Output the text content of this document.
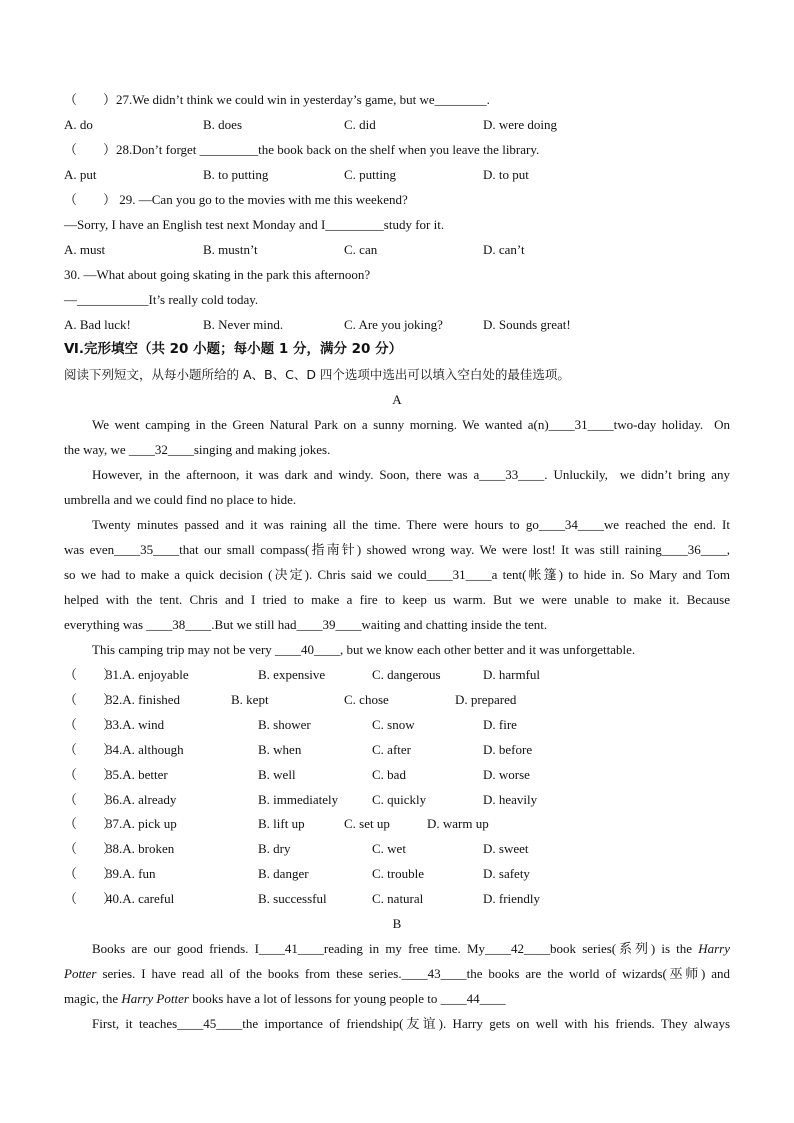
（　　）27.We didn’t think we could win in yesterday’s game, but we________.
A. do	B. does	C. did	D. were doing
（　　）28.Don’t forget _________the book back on the shelf when you leave the library.
A. put	B. to putting	C. putting	D. to put
（　　） 29. —Can you go to the movies with me this weekend?
—Sorry, I have an English test next Monday and I_________study for it.
A. must	B. mustn’t	C. can	D. can’t
30. —What about going skating in the park this afternoon?
—___________It’s really cold today.
A. Bad luck!	B. Never mind.	C. Are you joking?	D. Sounds great!
Ⅵ.完形填空（共 20 小题；每小题 1 分，满分 20 分）
阅读下列短文，从每小题所给的 A、B、C、D 四个选项中选出可以填入空白处的最佳选项。
A
We went camping in the Green Natural Park on a sunny morning. We wanted a(n)____31____two-day holiday.  On
the way, we ____32____singing and making jokes.
However, in the afternoon, it was dark and windy. Soon, there was a____33____. Unluckily,  we didn’t bring any
umbrella and we could find no place to hide.
Twenty minutes passed and it was raining all the time. There were hours to go____34____we reached the end. It
was even____35____that our small compass(指南针) showed wrong way. We were lost! It was still raining____36____,
so we had to make a quick decision (决定). Chris said we could____31____a tent(帐篷) to hide in. So Mary and Tom
helped with the tent. Chris and I tried to make a fire to keep us warm. But we were unable to make it. Because
everything was ____38____.But we still had____39____waiting and chatting inside the tent.
This camping trip may not be very ____40____, but we know each other better and it was unforgettable.
（　　）
31.A. enjoyable	B. expensive	C. dangerous	D. harmful
（　　）
32.A. finished	B. kept	C. chose	D. prepared
（　　）
33.A. wind	B. shower	C. snow	D. fire
（　　）
34.A. although	B. when	C. after	D. before
（　　）
35.A. better	B. well	C. bad	D. worse
（　　）
36.A. already	B. immediately	C. quickly	D. heavily
（　　）
37.A. pick up	B. lift up	C. set up	D. warm up
（　　）
38.A. broken	B. dry	C. wet	D. sweet
（　　）
39.A. fun	B. danger	C. trouble	D. safety
（　　）
40.A. careful	B. successful	C. natural	D. friendly
B
Books are our good friends. I____41____reading in my free time. My____42____book series(系列) is the Harry
Potter series. I have read all of the books from these series.____43____the books are the world of wizards(巫师) and
magic, the Harry Potter books have a lot of lessons for young people to ____44____
First, it teaches____45____the importance of friendship(友谊). Harry gets on well with his friends. They always
